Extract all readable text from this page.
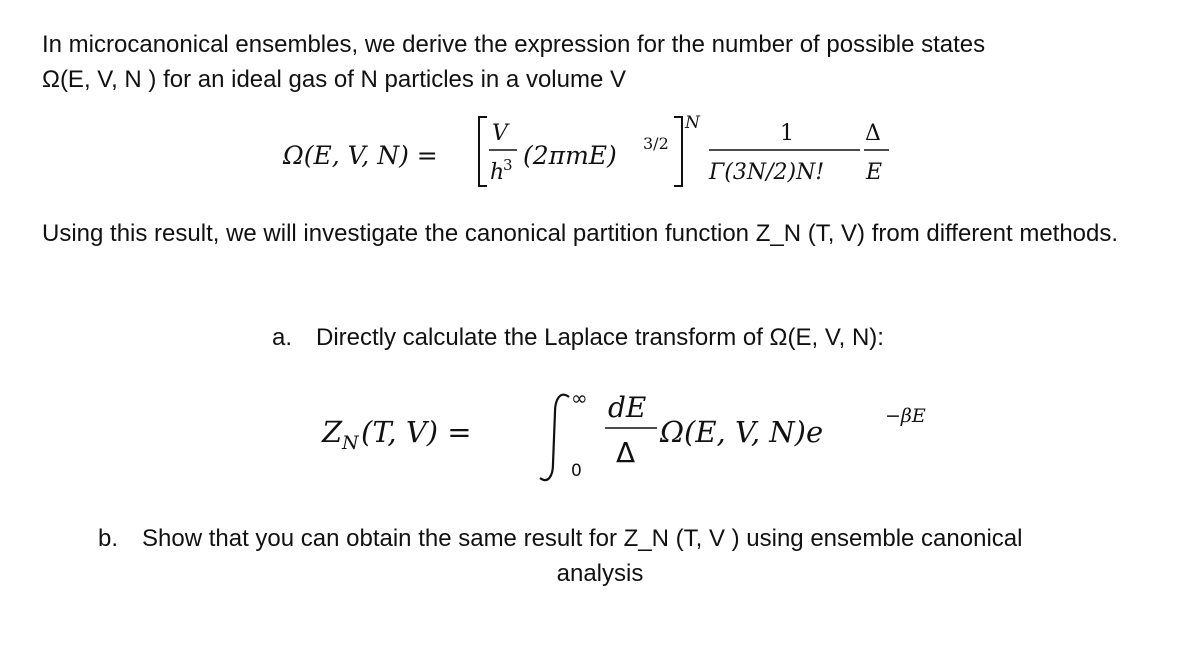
In microcanonical ensembles, we derive the expression for the number of possible states
Ω(E, V, N ) for an ideal gas of N particles in a volume V

Ω(E, V, N) =
V
h
3 (2πmE) 3/2
N	1
Γ(3N/2)N!
Δ
E

Using this result, we will investigate the canonical partition function Z_N (T, V) from different methods.

a. Directly calculate the Laplace transform of Ω(E, V, N):
Z N (T, V) =
∞
0
dE
Δ
Ω(E, V, N)e	−βE
b. Show that you can obtain the same result for Z_N (T, V ) using ensemble canonical
analysis
